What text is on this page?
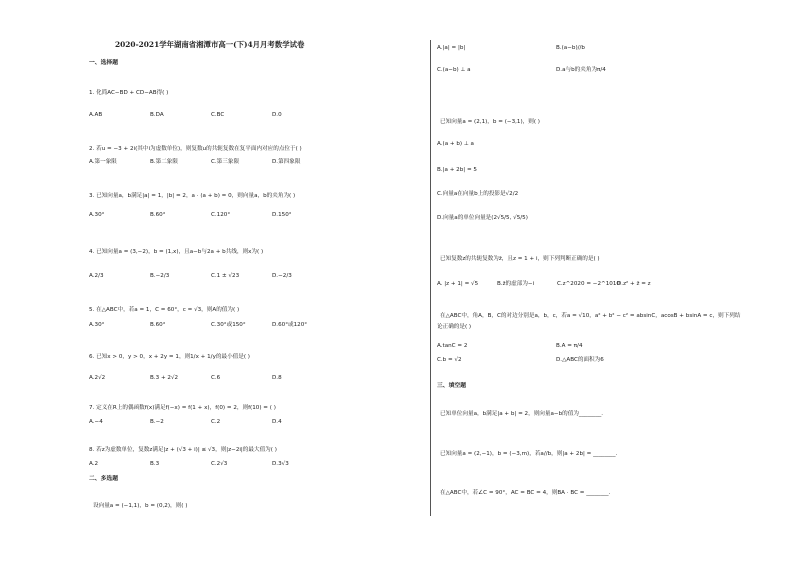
2020-2021学年湖南省湘潭市高一(下)4月月考数学试卷
一、选择题
1. 化简AC−BD + CD−AB得( )
A.AB	B.DA	C.BC	D.0
2. 若u = −3 + 2i(其中i为虚数单位)，则复数u的共轭复数在复平面内对应的点位于( )
A.第一象限	B.第二象限	C.第三象限	D.第四象限
3. 已知向量a，b满足|a| = 1，|b| = 2，a · (a + b) = 0，则向量a，b的夹角为( )
A.30°	B.60°	C.120°	D.150°
4. 已知向量a = (3,−2)，b = (1,x)，且a−b与2a + b共线，则x为( )
A.2/3	B.−2/3	C.1 ± √23	D.−2/3
5. 在△ABC中，若a = 1，C = 60°，c = √3，则A的值为( )
A.30°	B.60°	C.30°或150°	D.60°或120°
6. 已知x > 0，y > 0，x + 2y = 1，则1/x + 1/y的最小值是( )
A.2√2	B.3 + 2√2	C.6	D.8
7. 定义在R上的偶函数f(x)满足f(−x) = f(1 + x)，f(0) = 2，则f(10) = ( )
A.−4	B.−2	C.2	D.4
8. 若z为虚数单位，复数z满足|z + (√3 + i)| ≤ √3，则|z−2i|的最大值为( )
A.2	B.3	C.2√3	D.3√3
二、多选题
设向量a = (−1,1)，b = (0,2)，则( )
A.|a| = |b|	B.(a−b)//b
C.(a−b) ⊥ a	D.a与b的夹角为π/4
已知向量a = (2,1)，b = (−3,1)，则( )
A.(a + b) ⊥ a
B.|a + 2b| = 5
C.向量a在向量b上的投影是√2/2
D.向量a的单位向量是(2√5/5, √5/5)
已知复数z的共轭复数为z̄，且z = 1 + i，则下列判断正确的是( )
A. |z + 1| = √5	B.z̄的虚部为−i	C.z^2020 = −2^1010
D.z² + z̄ = z
在△ABC中，角A，B，C的对边分别是a，b，c，若a = √10，a² + b² − c² = absinC，acosB + bsinA = c，则下列结
论正确的是( )
A.tanC = 2	B.A = π/4
C.b = √2	D.△ABC的面积为6
三、填空题
已知单位向量a，b满足|a + b| = 2，则向量a−b的值为________.
已知向量a = (2,−1)，b = (−3,m)，若a//b，则|a + 2b| = ________.
在△ABC中，若∠C = 90°，AC = BC = 4，则BA · BC = ________.
